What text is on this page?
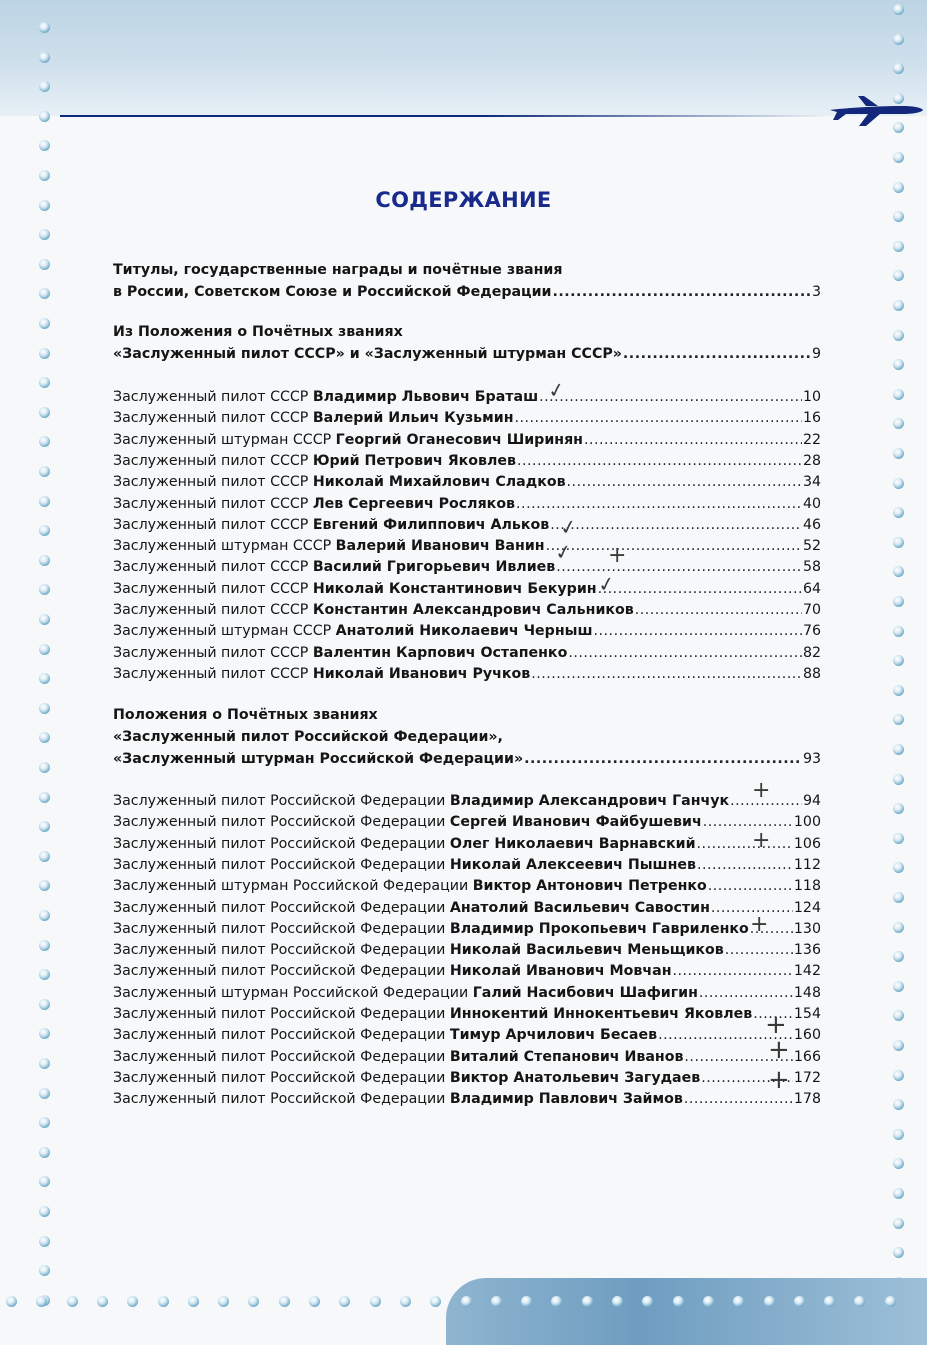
СОДЕРЖАНИЕ
Титулы, государственные награды и почётные звания
в России, Советском Союзе и Российской Федерации .....	3
Из Положения о Почётных званиях
«Заслуженный пилот СССР» и «Заслуженный штурман СССР» .....	9
Положения о Почётных званиях
«Заслуженный пилот Российской Федерации»,
«Заслуженный штурман Российской Федерации» .....	93
Заслуженный пилот СССР Владимир Львович Браташ .....	10
Заслуженный пилот СССР Валерий Ильич Кузьмин .....	16
Заслуженный штурман СССР Георгий Оганесович Ширинян .....	22
Заслуженный пилот СССР Юрий Петрович Яковлев .....	28
Заслуженный пилот СССР Николай Михайлович Сладков .....	34
Заслуженный пилот СССР Лев Сергеевич Росляков .....	40
Заслуженный пилот СССР Евгений Филиппович Альков .....	46
Заслуженный штурман СССР Валерий Иванович Ванин .....	52
Заслуженный пилот СССР Василий Григорьевич Ивлиев .....	58
Заслуженный пилот СССР Николай Константинович Бекурин .....	64
Заслуженный пилот СССР Константин Александрович Сальников .....	70
Заслуженный штурман СССР Анатолий Николаевич Черныш .....	76
Заслуженный пилот СССР Валентин Карпович Остапенко .....	82
Заслуженный пилот СССР Николай Иванович Ручков .....	88
Заслуженный пилот Российской Федерации Владимир Александрович Ганчук .....	94
Заслуженный пилот Российской Федерации Сергей Иванович Файбушевич .....	100
Заслуженный пилот Российской Федерации Олег Николаевич Варнавский .....	106
Заслуженный пилот Российской Федерации Николай Алексеевич Пышнев .....	112
Заслуженный штурман Российской Федерации Виктор Антонович Петренко .....	118
Заслуженный пилот Российской Федерации Анатолий Васильевич Савостин .....	124
Заслуженный пилот Российской Федерации Владимир Прокопьевич Гавриленко .....	130
Заслуженный пилот Российской Федерации Николай Васильевич Меньщиков .....	136
Заслуженный пилот Российской Федерации Николай Иванович Мовчан .....	142
Заслуженный штурман Российской Федерации Галий Насибович Шафигин .....	148
Заслуженный пилот Российской Федерации Иннокентий Иннокентьевич Яковлев .....	154
Заслуженный пилот Российской Федерации Тимур Арчилович Бесаев .....	160
Заслуженный пилот Российской Федерации Виталий Степанович Иванов .....	166
Заслуженный пилот Российской Федерации Виктор Анатольевич Загудаев .....	172
Заслуженный пилот Российской Федерации Владимир Павлович Займов .....	178
✓
✓
✓
✓
+
+
+
+
+
+
+
